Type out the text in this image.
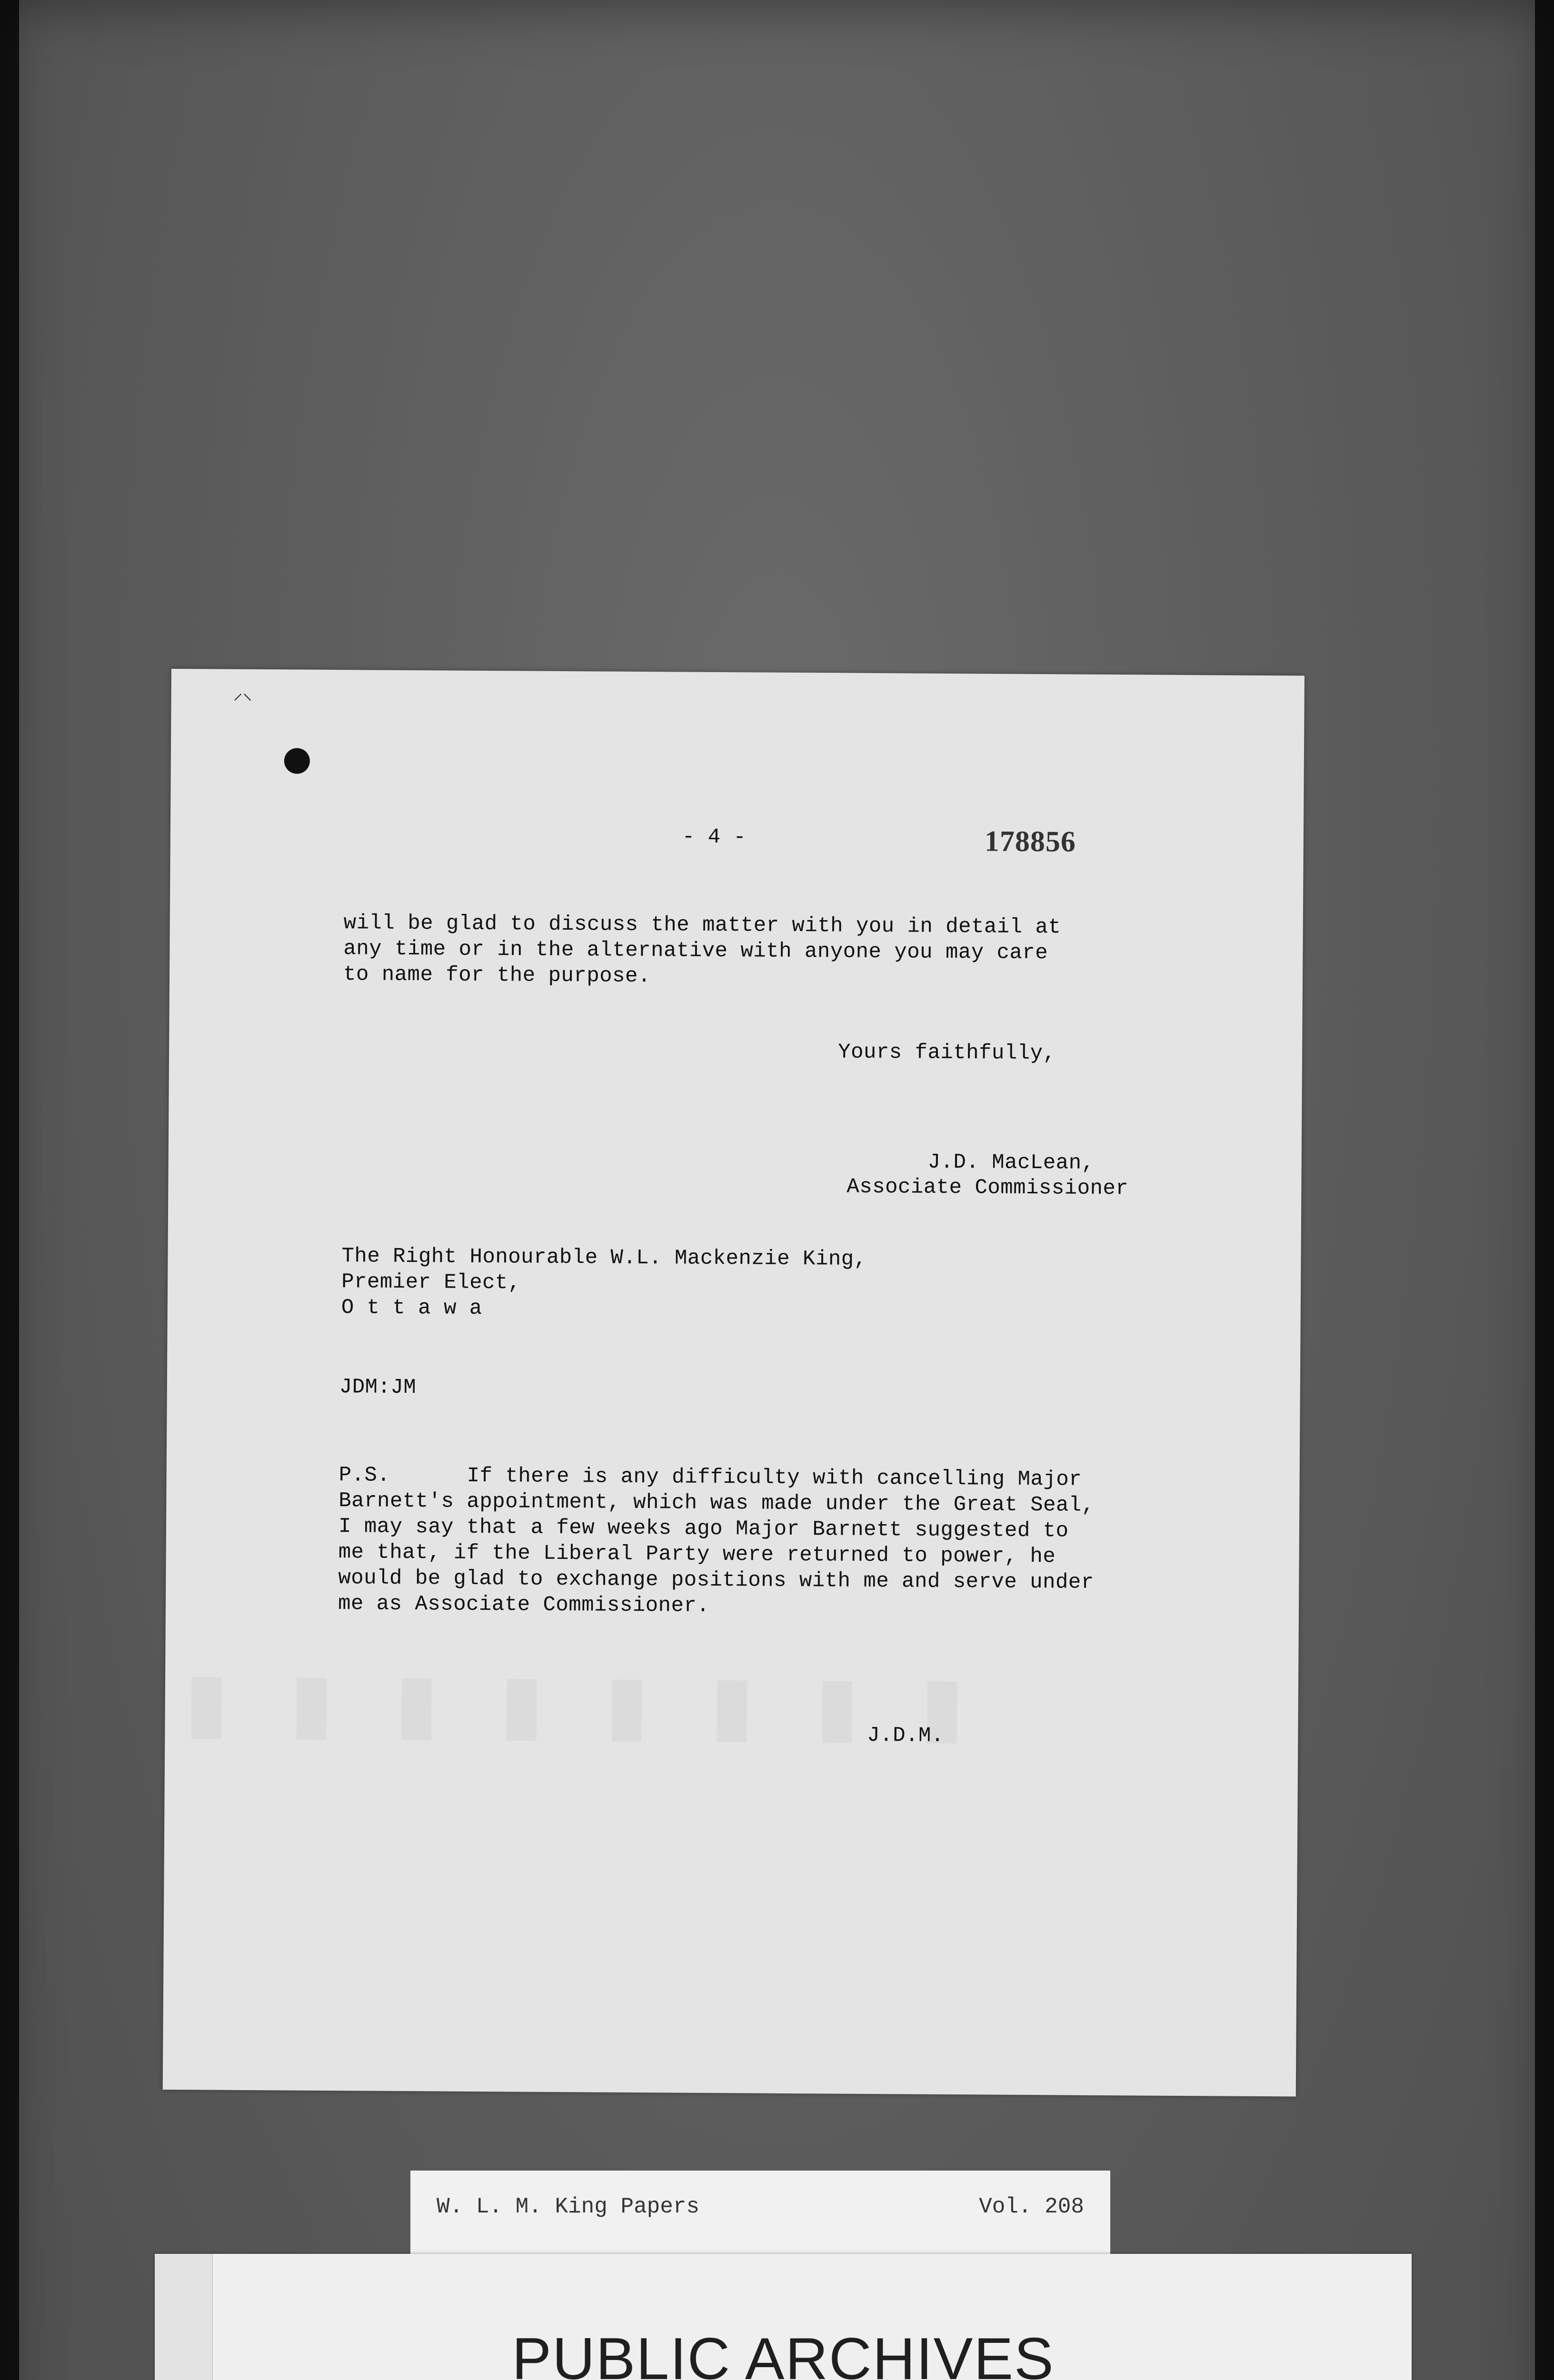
⸝⸜
- 4 -	178856
will be glad to discuss the matter with you in detail at
any time or in the alternative with anyone you may care
to name for the purpose.
Yours faithfully,
J.D. MacLean,
Associate Commissioner
The Right Honourable W.L. Mackenzie King,
Premier Elect,
O t t a w a
JDM:JM
P.S.      If there is any difficulty with cancelling Major
Barnett's appointment, which was made under the Great Seal,
I may say that a few weeks ago Major Barnett suggested to
me that, if the Liberal Party were returned to power, he
would be glad to exchange positions with me and serve under
me as Associate Commissioner.
J.D.M.
W. L. M. King Papers	Vol. 208
PUBLIC ARCHIVES
